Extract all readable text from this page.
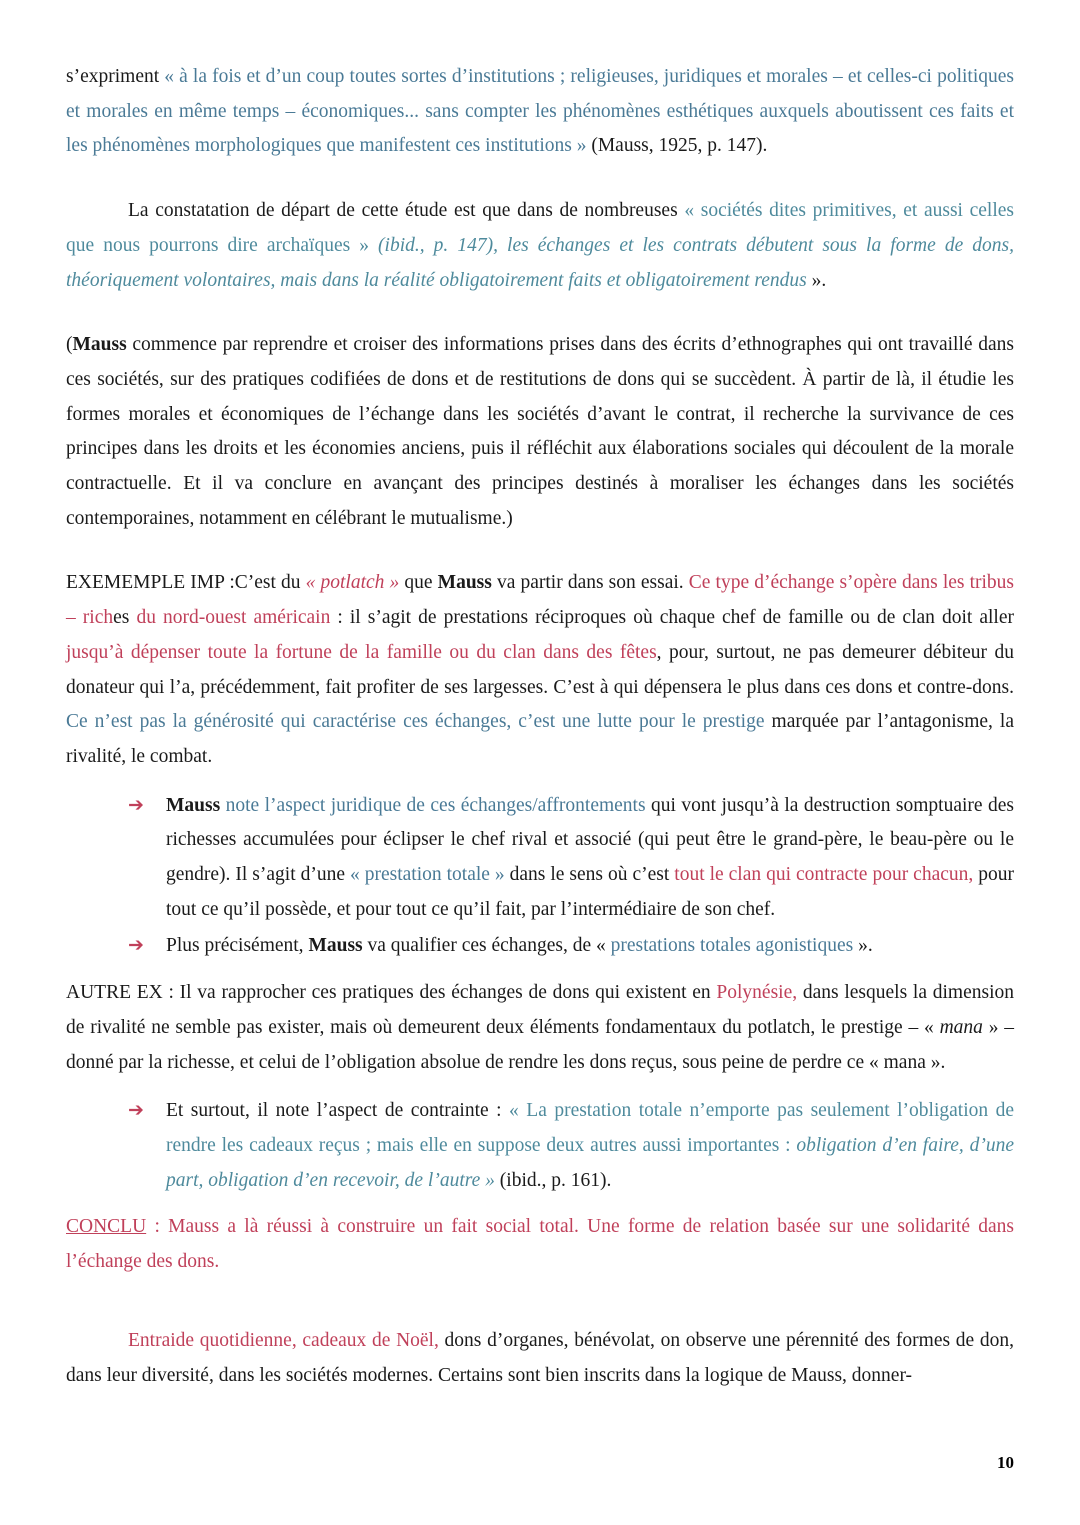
s’expriment « à la fois et d’un coup toutes sortes d’institutions ; religieuses, juridiques et morales – et celles-ci politiques et morales en même temps – économiques... sans compter les phénomènes esthétiques auxquels aboutissent ces faits et les phénomènes morphologiques que manifestent ces institutions » (Mauss, 1925, p. 147).

La constatation de départ de cette étude est que dans de nombreuses « sociétés dites primitives, et aussi celles que nous pourrons dire archaïques » (ibid., p. 147), les échanges et les contrats débutent sous la forme de dons, théoriquement volontaires, mais dans la réalité obligatoirement faits et obligatoirement rendus ».

(Mauss commence par reprendre et croiser des informations prises dans des écrits d’ethnographes qui ont travaillé dans ces sociétés, sur des pratiques codifiées de dons et de restitutions de dons qui se succèdent. À partir de là, il étudie les formes morales et économiques de l’échange dans les sociétés d’avant le contrat, il recherche la survivance de ces principes dans les droits et les économies anciens, puis il réfléchit aux élaborations sociales qui découlent de la morale contractuelle. Et il va conclure en avançant des principes destinés à moraliser les échanges dans les sociétés contemporaines, notamment en célébrant le mutualisme.)

EXEMEMPLE IMP :C’est du « potlatch » que Mauss va partir dans son essai. Ce type d’échange s’opère dans les tribus – riches du nord-ouest américain : il s’agit de prestations réciproques où chaque chef de famille ou de clan doit aller jusqu’à dépenser toute la fortune de la famille ou du clan dans des fêtes, pour, surtout, ne pas demeurer débiteur du donateur qui l’a, précédemment, fait profiter de ses largesses. C’est à qui dépensera le plus dans ces dons et contre-dons. Ce n’est pas la générosité qui caractérise ces échanges, c’est une lutte pour le prestige marquée par l’antagonisme, la rivalité, le combat.

➔ Mauss note l’aspect juridique de ces échanges/affrontements qui vont jusqu’à la destruction somptuaire des richesses accumulées pour éclipser le chef rival et associé (qui peut être le grand-père, le beau-père ou le gendre). Il s’agit d’une « prestation totale » dans le sens où c’est tout le clan qui contracte pour chacun, pour tout ce qu’il possède, et pour tout ce qu’il fait, par l’intermédiaire de son chef.
➔ Plus précisément, Mauss va qualifier ces échanges, de « prestations totales agonistiques ».

AUTRE EX : Il va rapprocher ces pratiques des échanges de dons qui existent en Polynésie, dans lesquels la dimension de rivalité ne semble pas exister, mais où demeurent deux éléments fondamentaux du potlatch, le prestige – « mana » – donné par la richesse, et celui de l’obligation absolue de rendre les dons reçus, sous peine de perdre ce « mana ».

➔ Et surtout, il note l’aspect de contrainte : « La prestation totale n’emporte pas seulement l’obligation de rendre les cadeaux reçus ; mais elle en suppose deux autres aussi importantes : obligation d’en faire, d’une part, obligation d’en recevoir, de l’autre » (ibid., p. 161).

CONCLU : Mauss a là réussi à construire un fait social total. Une forme de relation basée sur une solidarité dans l’échange des dons.

Entraide quotidienne, cadeaux de Noël, dons d’organes, bénévolat, on observe une pérennité des formes de don, dans leur diversité, dans les sociétés modernes. Certains sont bien inscrits dans la logique de Mauss, donner-

10
